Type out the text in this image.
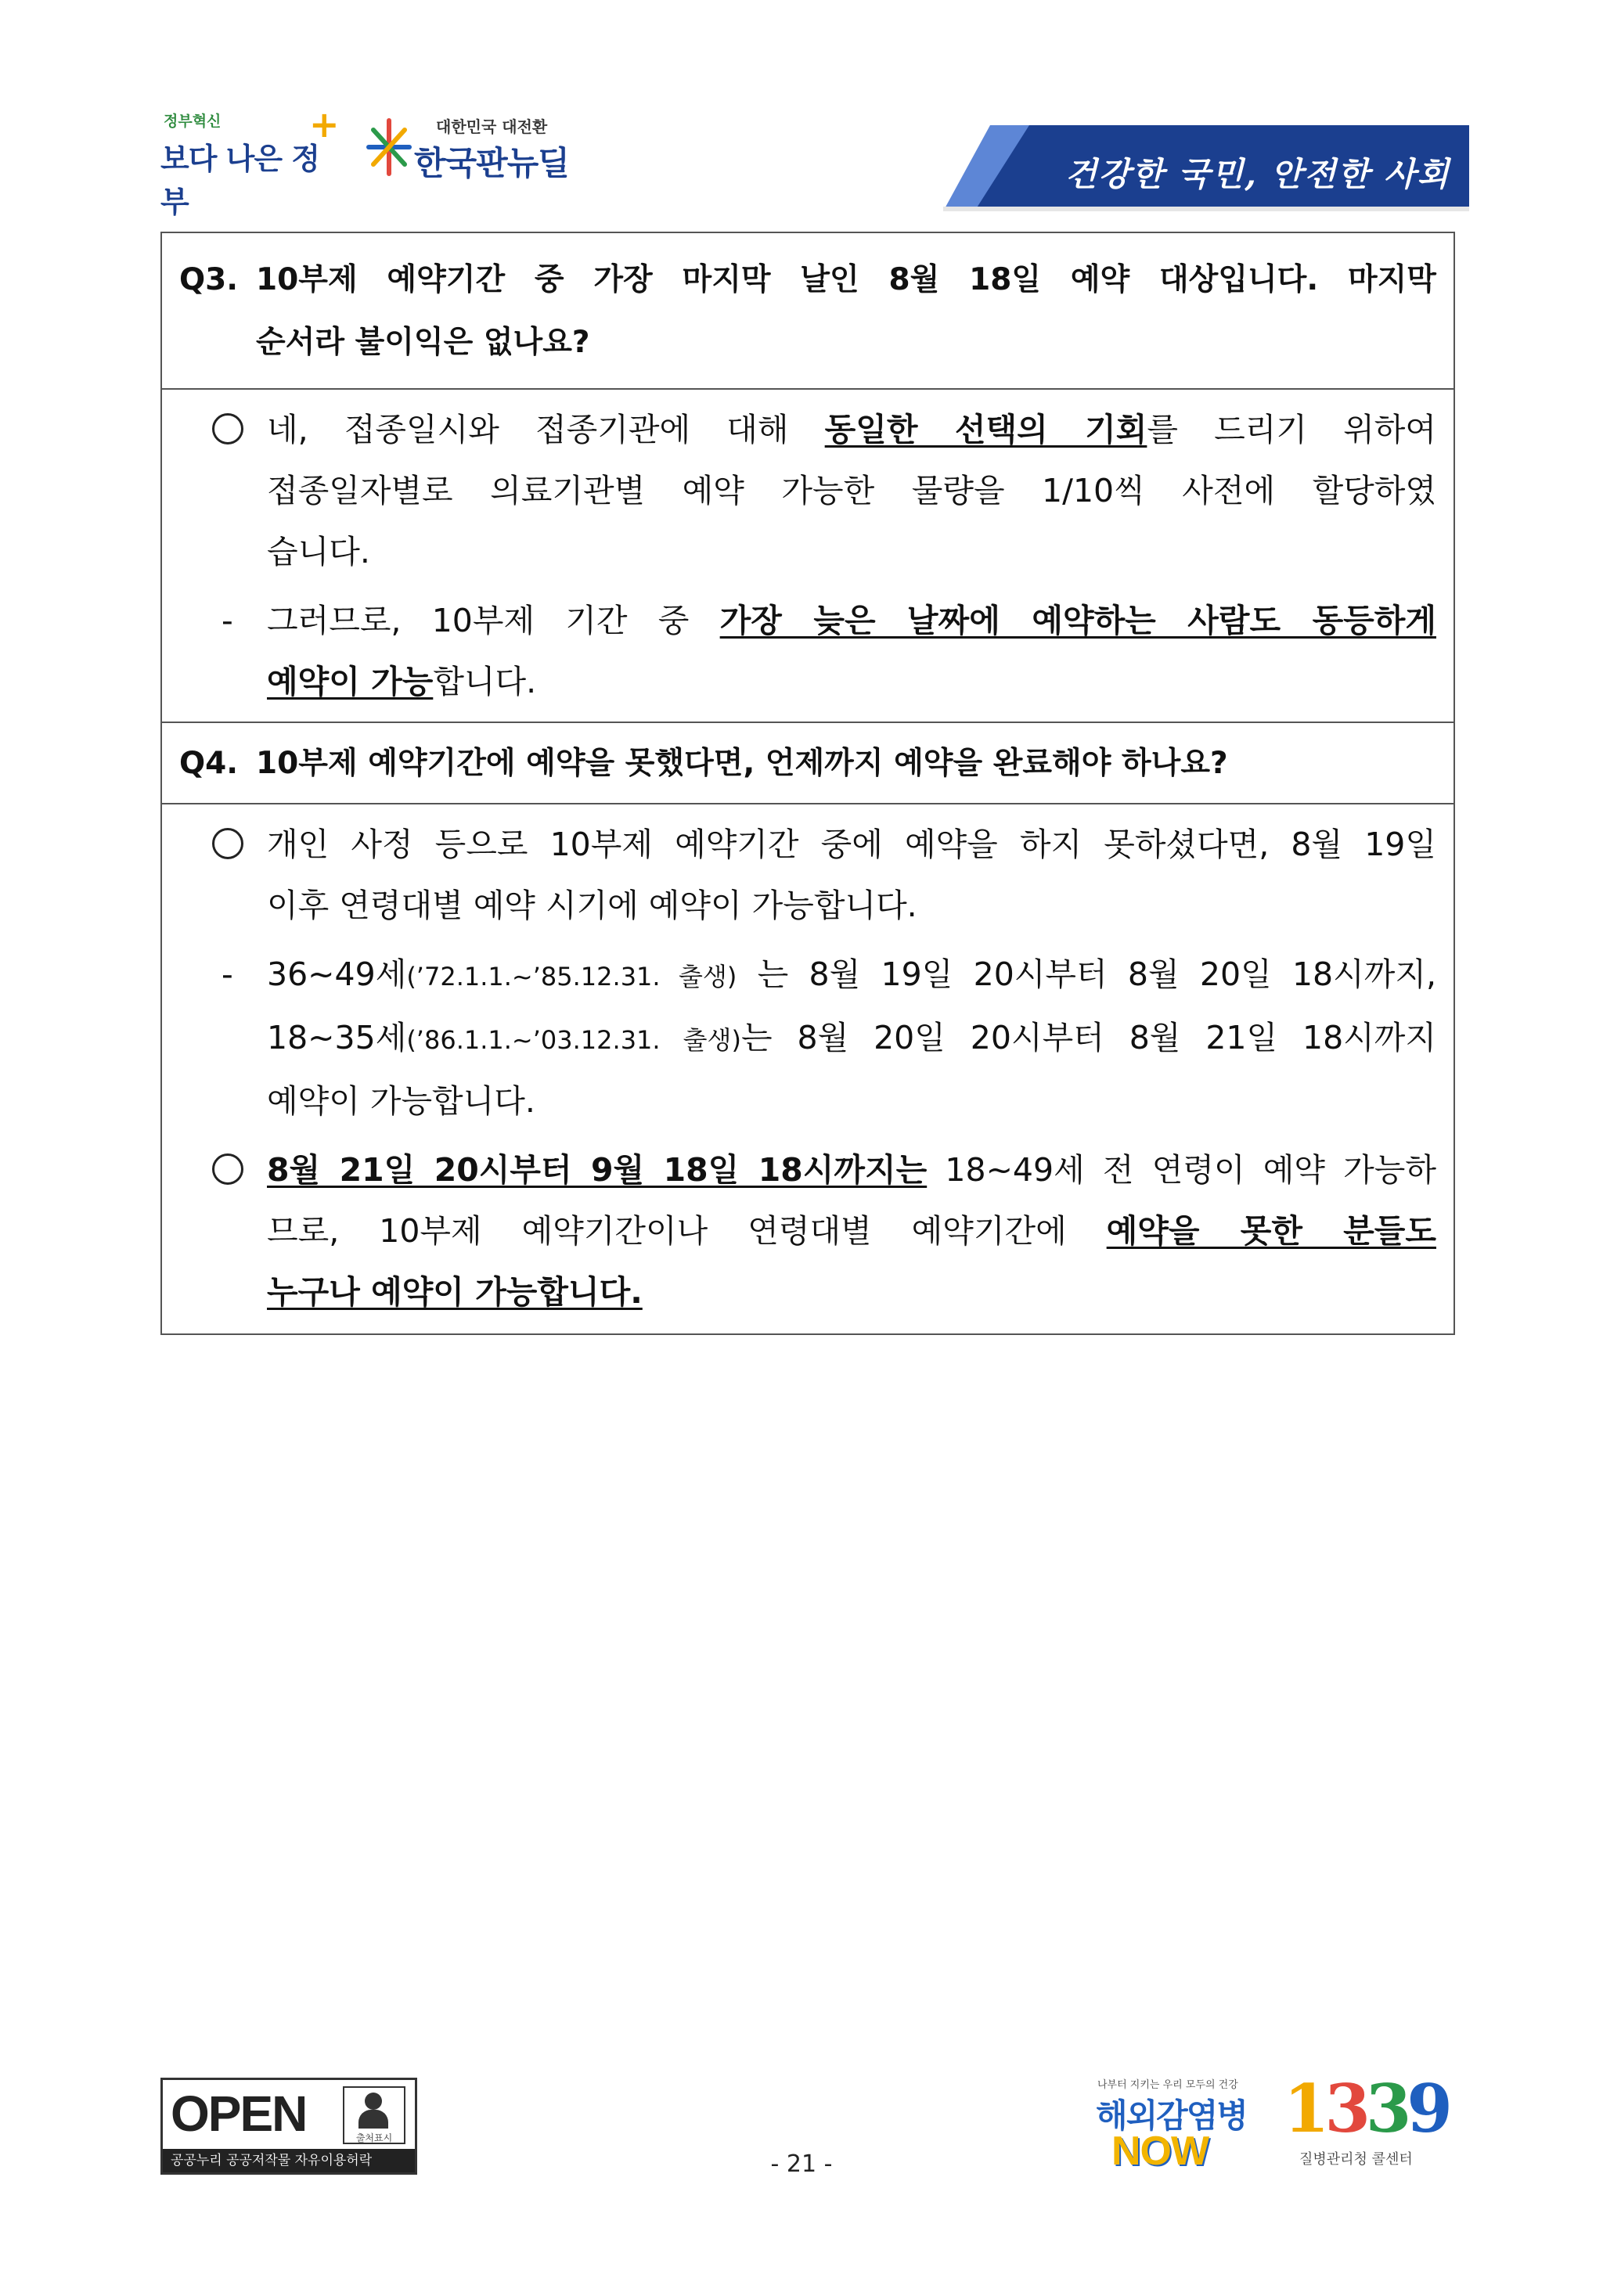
정부혁신
보다 나은 정부
+	대한민국 대전환
한국판뉴딜	건강한 국민, 안전한 사회
Q3. 10부제 예약기간 중 가장 마지막 날인 8월 18일 예약 대상입니다. 마지막
순서라 불이익은 없나요?
네, 접종일시와 접종기관에 대해 동일한 선택의 기회를 드리기 위하여
접종일자별로 의료기관별 예약 가능한 물량을 1/10씩 사전에 할당하였
습니다.
-	그러므로, 10부제 기간 중 가장 늦은 날짜에 예약하는 사람도 동등하게
예약이 가능합니다.
Q4. 10부제 예약기간에 예약을 못했다면, 언제까지 예약을 완료해야 하나요?
개인 사정 등으로 10부제 예약기간 중에 예약을 하지 못하셨다면, 8월 19일
이후 연령대별 예약 시기에 예약이 가능합니다.
-	36~49세(’72.1.1.~’85.12.31. 출생) 는 8월 19일 20시부터 8월 20일 18시까지,
18~35세(’86.1.1.~’03.12.31. 출생)는 8월 20일 20시부터 8월 21일 18시까지
예약이 가능합니다.
8월 21일 20시부터 9월 18일 18시까지는 18~49세 전 연령이 예약 가능하
므로, 10부제 예약기간이나 연령대별 예약기간에 예약을 못한 분들도
누구나 예약이 가능합니다.
OPEN	출처표시
공공누리 공공저작물 자유이용허락	- 21 -
나부터 지키는 우리 모두의 건강
해외감염병
NOW
1339
질병관리청 콜센터
